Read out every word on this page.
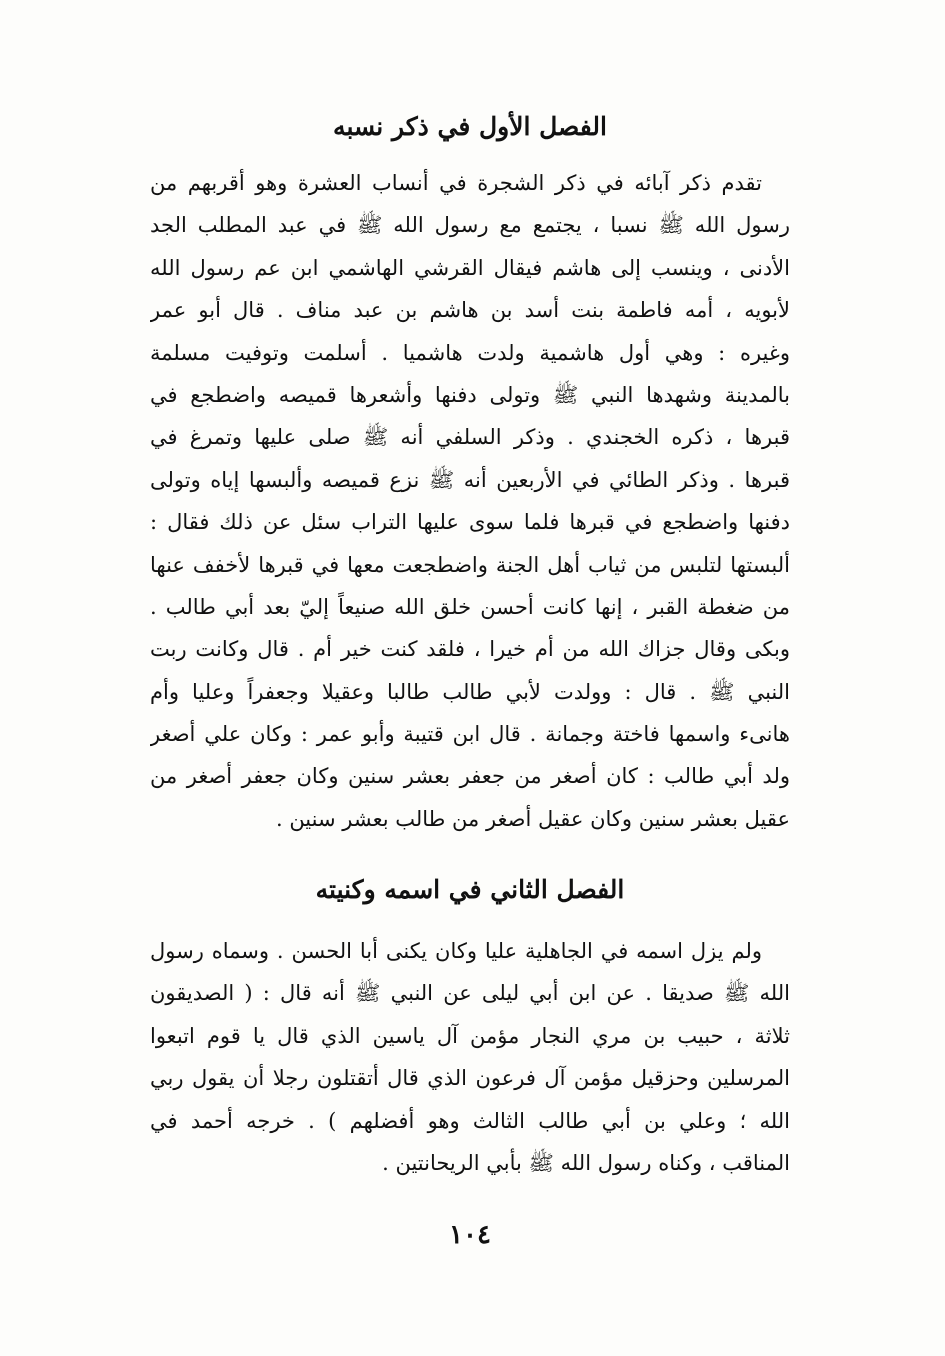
الفصل الأول في ذكر نسبه
تقدم ذكر آبائه في ذكر الشجرة في أنساب العشرة وهو أقربهم من
رسول الله ﷺ نسبا ، يجتمع مع رسول الله ﷺ في عبد المطلب الجد
الأدنى ، وينسب إلى هاشم فيقال القرشي الهاشمي ابن عم رسول الله
لأبويه ، أمه فاطمة بنت أسد بن هاشم بن عبد مناف . قال أبو عمر
وغيره : وهي أول هاشمية ولدت هاشميا . أسلمت وتوفيت مسلمة
بالمدينة وشهدها النبي ﷺ وتولى دفنها وأشعرها قميصه واضطجع في
قبرها ، ذكره الخجندي . وذكر السلفي أنه ﷺ صلى عليها وتمرغ في
قبرها . وذكر الطائي في الأربعين أنه ﷺ نزع قميصه وألبسها إياه وتولى
دفنها واضطجع في قبرها فلما سوى عليها التراب سئل عن ذلك فقال :
ألبستها لتلبس من ثياب أهل الجنة واضطجعت معها في قبرها لأخفف عنها
من ضغطة القبر ، إنها كانت أحسن خلق الله صنيعاً إليّ بعد أبي طالب .
وبكى وقال جزاك الله من أم خيرا ، فلقد كنت خير أم . قال وكانت ربت
النبي ﷺ . قال : وولدت لأبي طالب طالبا وعقيلا وجعفراً وعليا وأم
هانىء واسمها فاختة وجمانة . قال ابن قتيبة وأبو عمر : وكان علي أصغر
ولد أبي طالب : كان أصغر من جعفر بعشر سنين وكان جعفر أصغر من
عقيل بعشر سنين وكان عقيل أصغر من طالب بعشر سنين .
الفصل الثاني في اسمه وكنيته
ولم يزل اسمه في الجاهلية عليا وكان يكنى أبا الحسن . وسماه رسول
الله ﷺ صديقا . عن ابن أبي ليلى عن النبي ﷺ أنه قال : ( الصديقون
ثلاثة ، حبيب بن مري النجار مؤمن آل ياسين الذي قال يا قوم اتبعوا
المرسلين وحزقيل مؤمن آل فرعون الذي قال أتقتلون رجلا أن يقول ربي
الله ؛ وعلي بن أبي طالب الثالث وهو أفضلهم ) . خرجه أحمد في
المناقب ، وكناه رسول الله ﷺ بأبي الريحانتين .
١٠٤
